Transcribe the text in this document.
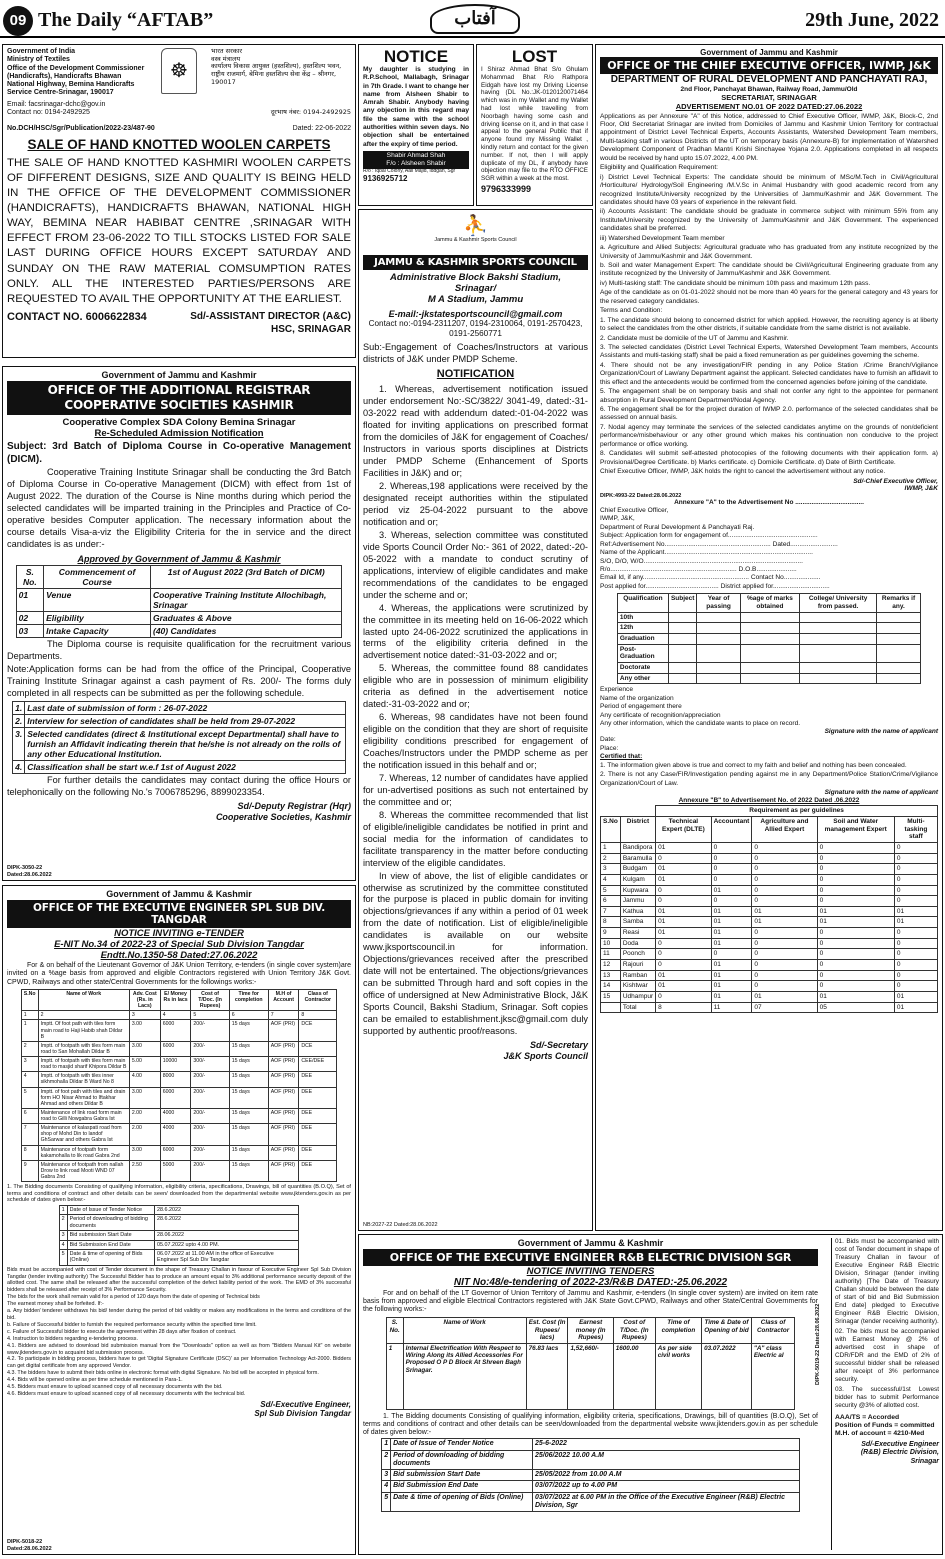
09 The Daily “AFTAB”	آفتاب	29th June, 2022
Government of India
Ministry of Textiles
Office of the Development Commissioner (Handicrafts), Handicrafts Bhawan National Highway, Bemina Handicrafts Service Centre-Srinagar, 190017
☸
भारत सरकार
वस्त्र मंत्रालय
कार्यालय विकास आयुक्त (हस्तशिल्प), हस्तशिल्प भवन, राष्ट्रीय राजमार्ग, बेमिना हस्तशिल्प सेवा केंद्र – श्रीनगर, 190017
Email: facsrinagar-dchc@gov.in
Contact no: 0194-2492925	दूरभाष नंबर: 0194-2492925
No.DCH/HSC/Sgr/Publication/2022-23/487-90	Dated: 22-06-2022
SALE OF HAND KNOTTED WOOLEN CARPETS

THE SALE OF HAND KNOTTED KASHMIRI WOOLEN CARPETS OF DIFFERENT DESIGNS, SIZE AND QUALITY IS BEING HELD IN THE OFFICE OF THE DEVELOPMENT COMMISSIONER (HANDICRAFTS), HANDICRAFTS BHAWAN, NATIONAL HIGH WAY, BEMINA NEAR HABIBAT CENTRE ,SRINAGAR WITH EFFECT FROM 23-06-2022 TO TILL STOCKS LISTED FOR SALE LAST DURING OFFICE HOURS EXCEPT SATURDAY AND SUNDAY ON THE RAW MATERIAL COMSUMPTION RATES ONLY. ALL THE INTERESTED PARTIES/PERSONS ARE REQUESTED TO AVAIL THE OPPORTUNITY AT THE EARLIEST.

CONTACT NO. 6006622834	Sd/-ASSISTANT DIRECTOR (A&C)
HSC, SRINAGAR
NOTICE

My daughter is studying in R.P.School, Mallabagh, Srinagar in 7th Grade. I want to change her name from Alsheen Shabir to Amrah Shabir. Anybody having any objection in this regard may file the same with the school authorities within seven days. No objection shall be entertained after the expiry of time period.

Shabir Ahmad Shah
F/o : Alsheen Shabir
R/o : Iqbal Colony, Aali Majid, Iddgah, Sgr
9136925712
LOST

I Shiraz Ahmad Bhat S/o Ghulam Mohammad Bhat R/o Rathpora Eidgah have lost my Driving License having (DL No.:JK-0120120071464 which was in my Wallet and my Wallet had lost while travelling from Noorbagh having some cash and driving license on it, and in that case I appeal to the general Public that if anyone found my Missing Wallet , kindly return and contact for the given number. If not, then I will apply duplicate of my DL, if anybody have objection may file to the RTO OFFICE SGR within a week at the most.

9796333999
⛹
Jammu & Kashmir Sports Council
JAMMU & KASHMIR SPORTS COUNCIL
Administrative Block Bakshi Stadium,
Srinagar/
M A Stadium, Jammu
E-mail:-jkstatesportscouncil@gmail.com
Contact no:-0194-2311207, 0194-2310064, 0191-2570423, 0191-2560771

Sub:-Engagement of Coaches/Instructors at various districts of J&K under PMDP Scheme.

NOTIFICATION

1. Whereas, advertisement notification issued under endorsement No:-SC/3822/ 3041-49, dated:-31-03-2022 read with addendum dated:-01-04-2022 was floated for inviting applications on prescribed format from the domiciles of J&K for engagement of Coaches/ Instructors in various sports disciplines at Districts under PMDP Scheme (Enhancement of Sports Facilities in J&K) and or;

2. Whereas,198 applications were received by the designated receipt authorities within the stipulated period viz 25-04-2022 pursuant to the above notification and or;

3. Whereas, selection committee was constituted vide Sports Council Order No:- 361 of 2022, dated:-20-05-2022 with a mandate to conduct scrutiny of applications, interview of eligible candidates and make recommendations of the candidates to be engaged under the scheme and or;

4. Whereas, the applications were scrutinized by the committee in its meeting held on 16-06-2022 which lasted upto 24-06-2022 scrutinized the applications in terms of the eligibility criteria defined in the advertisement notice dated:-31-03-2022 and or;

5. Whereas, the committee found 88 candidates eligible who are in possession of minimum eligibility criteria as defined in the advertisement notice dated:-31-03-2022 and or;

6. Whereas, 98 candidates have not been found eligible on the condition that they are short of requisite eligibility conditions prescribed for engagement of Coaches/Instructors under the PMDP scheme as per the notification issued in this behalf and or;

7. Whereas, 12 number of candidates have applied for un-advertised positions as such not entertained by the committee and or;

8. Whereas the committee recommended that list of eligible/ineligible candidates be notified in print and social media for the information of candidates to facilitate transparency in the matter before conducting interview of the eligible candidates.

In view of above, the list of eligible candidates or otherwise as scrutinized by the committee constituted for the purpose is placed in public domain for inviting objections/grievances if any within a period of 01 week from the date of notification. List of eligible/ineligible candidates is available on our website www.jksportscouncil.in for information. Objections/grievances received after the prescribed date will not be entertained. The objections/grievances can be submitted Through hard and soft copies in the office of undersigned at New Administrative Block, J&K Sports Council, Bakshi Stadium, Srinagar. Soft copies can be emailed to establishment.jksc@gmail.com duly supported by authentic proof/reasons.

Sd/-Secretary
J&K Sports Council
NB:2027-22 Dated:28.06.2022
Government of Jammu and Kashmir
OFFICE OF THE CHIEF EXECUTIVE OFFICER, IWMP, J&K
DEPARTMENT OF RURAL DEVELOPMENT AND PANCHAYATI RAJ,
2nd Floor, Panchayat Bhawan, Railway Road, Jammu/Old
SECRETARIAT, SRINAGAR
ADVERTISEMENT NO.01 OF 2022 DATED:27.06.2022

Applications as per Annexure "A" of this Notice, addressed to Chief Executive Officer, IWMP, J&K, Block-C, 2nd Floor, Old Secretariat Srinagar are invited from Domiciles of Jammu and Kashmir Union Territory for contractual appointment of District Level Technical Experts, Accounts Assistants, Watershed Development Team members, Multi-tasking staff in various Districts of the UT on temporary basis (Annexure-B) for implementation of Watershed Development Component of Pradhan Mantri Krishi Sinchayee Yojana 2.0. Applications completed in all respects would be received by hand upto 15.07.2022, 4.00 PM.

Eligibility and Qualification Requirement:

i) District Level Technical Experts: The candidate should be minimum of MSc/M.Tech in Civil/Agricultural /Horticulture/ Hydrology/Soil Engineering /M.V.Sc in Animal Husbandry with good academic record from any recognized Institute/University recognized by the Universities of Jammu/Kashmir and J&K Government. The candidates should have 03 years of experience in the relevant field.

ii) Accounts Assistant: The candidate should be graduate in commerce subject with minimum 55% from any Institute/University recognized by the University of Jammu/Kashmir and J&K Government. The experienced candidates shall be preferred.

iii) Watershed Development Team member

a. Agriculture and Allied Subjects: Agricultural graduate who has graduated from any institute recognized by the University of Jammu/Kashmir and J&K Government.

b. Soil and water Management Expert: The candidate should be Civil/Agricultural Engineering graduate from any institute recognized by the University of Jammu/Kashmir and J&K Government.

iv) Multi-tasking staff: The candidate should be minimum 10th pass and maximum 12th pass.

Age of the candidate as on 01-01-2022 should not be more than 40 years for the general category and 43 years for the reserved category candidates.

Terms and Condition:

1. The candidate should belong to concerned district for which applied. However, the recruiting agency is at liberty to select the candidates from the other districts, if suitable candidate from the same district is not available.

2. Candidate must be domicile of the UT of Jammu and Kashmir.

3. The selected candidates (District Level Technical Experts, Watershed Development Team members, Accounts Assistants and multi-tasking staff) shall be paid a fixed remuneration as per guidelines governing the scheme.

4. There should not be any investigation/FIR pending in any Police Station /Crime Branch/Vigilance Organization/Court of Law/any Department against the applicant. Selected candidates have to furnish an affidavit to this effect and the antecedents would be confirmed from the concerned agencies before joining of the candidate.

5. The engagement shall be on temporary basis and shall not confer any right to the appointee for permanent absorption in Rural Development Department/Nodal Agency.

6. The engagement shall be for the project duration of IWMP 2.0. performance of the selected candidates shall be assessed on annual basis.

7. Nodal agency may terminate the services of the selected candidates anytime on the grounds of non/deficient performance/misbehaviour or any other ground which makes his continuation non conducive to the project performance or office working.

8. Candidates will submit self-attested photocopies of the following documents with their application form. a) Provisional/Degree Certificate. b) Marks certificate. c) Domicile Certificate. d) Date of Birth Certificate.

Chief Executive Officer, IWMP, J&K holds the right to cancel the advertisement without any notice.

Sd/-Chief Executive Officer,
IWMP, J&K
DIPK:4993-22 Dated:28.06.2022
Annexure "A" to the Advertisement No ......................................

Chief Executive Officer,

IWMP, J&K,

Department of Rural Development & Panchayati Raj.

Subject: Application form for engagement of.................................................

Ref:Advertisement No.......................................................... Dated..........................

Name of the Applicant.................................................................................

S/O, D/O, W/O.......................................................................................

R/o..................................................................... D.O.B......................

Email Id, if any.......................................................... Contact No....................

Post applied for........................................ District applied for...............................

Qualification	Subject	Year of passing	%age of marks obtained	College/ University from passed.	Remarks if any.
10th					
12th					
Graduation					
Post-Graduation					
Doctorate					
Any other					

Experience

Name of the organization

Period of engagement there

Any certificate of recognition/appreciation

Any other information, which the candidate wants to place on record.

Signature with the name of applicant

Date:

Place:

Certified that:

1. The information given above is true and correct to my faith and belief and nothing has been concealed.

2. There is not any Case/FIR/Investigation pending against me in any Department/Police Station/Crime/Vigilance Organization/Court of Law.

Signature with the name of applicant
Annexure "B" to Advertisement No. of 2022 Dated .06.2022
		Requirement as per guidelines				
S.No	District	Technical Expert (DLTE)	Accountant	Agriculture and Allied Expert	Soil and Water management Expert	Multi-tasking staff
1	Bandipora	01	0	0	0	0
2	Baramulla	0	0	0	0	0
3	Budgam	01	0	0	0	0
4	Kulgam	01	0	0	0	0
5	Kupwara	0	01	0	0	0
6	Jammu	0	0	0	0	0
7	Kathua	01	01	01	01	01
8	Samba	01	01	01	01	01
9	Reasi	01	01	0	0	0
10	Doda	0	01	0	0	0
11	Poonch	0	0	0	0	0
12	Rajouri	0	01	0	0	0
13	Ramban	01	01	0	0	0
14	Kishtwar	01	01	0	0	0
15	Udhampur	0	01	01	01	01
	Total	8	11	07	05	01
Government of Jammu and Kashmir
OFFICE OF THE ADDITIONAL REGISTRAR COOPERATIVE SOCIETIES KASHMIR
Cooperative Complex SDA Colony Bemina Srinagar
Re-Scheduled Admission Notification

Subject: 3rd Batch of Diploma Course in Co-operative Management (DICM).

Cooperative Training Institute Srinagar shall be conducting the 3rd Batch of Diploma Course in Co-operative Management (DICM) with effect from 1st of August 2022. The duration of the Course is Nine months during which period the selected candidates will be imparted training in the Principles and Practice of Co-operative besides Computer application. The necessary information about the course details Visa-a-viz the Eligibility Criteria for the in service and the direct candidates is as under:-

Approved by Government of Jammu & Kashmir
S. No.	Commencement of Course	1st of August 2022 (3rd Batch of DICM)
01	Venue	Cooperative Training Institute Allochibagh, Srinagar
02	Eligibility	Graduates & Above
03	Intake Capacity	(40) Candidates

The Diploma course is requisite qualification for the recruitment various Departments.

Note:Application forms can be had from the office of the Principal, Cooperative Training Institute Srinagar against a cash payment of Rs. 200/- The forms duly completed in all respects can be submitted as per the following schedule.

1.	Last date of submission of form : 26-07-2022
2.	Interview for selection of candidates shall be held from 29-07-2022
3.	Selected candidates (direct & Institutional except Departmental) shall have to furnish an Affidavit indicating therein that he/she is not already on the rolls of any other Educational Institution.
4.	Classification shall be start w.e.f 1st of August 2022

For further details the candidates may contact during the office Hours or telephonically on the following No.'s 7006785296, 8899023354.

Sd/-Deputy Registrar (Hqr)
Cooperative Societies, Kashmir
DIPK-3050-22
Dated:28.06.2022
Government of Jammu & Kashmir
OFFICE OF THE EXECUTIVE ENGINEER SPL SUB DIV. TANGDAR
NOTICE INVITING e-TENDER
E-NIT No.34 of 2022-23 of Special Sub Division Tangdar
Endtt.No.1350-58 Dated:27.06.2022

For & on behalf of the Lieutenant Governor of J&K Union Territory, e-tenders (in single cover system)are invited on a %age basis from approved and eligible Contractors registered with Union Territory J&K Govt. CPWD, Railways and other state/Central Governments for the followings works:-

S.No	Name of Work	Adv. Cost (Rs. in Lacs)	E/ Money Rs in lacs	Cost of T/Doc. (In Rupees)	Time for completion	M.H of Account	Class of Contractor
1	2	3	4	5	6	7	8
1	Imptt. Of foot path with tiles form main road to Haji Habib shah Dildar B	3.00	6000	200/-	15 days	AOF (PRI)	DCE
2	Imptt. of footpath with tiles form main road to San Mohallah Dildar B	3.00	6000	200/-	15 days	AOF (PRI)	DCE
3	Imptt. of footpath with tiles form main road to masjid sharif Khipora Dildar B	5.00	10000	300/-	15 days	AOF (PRI)	CEE/DEE
4	Imptt. of footpath with tiles inner sikhmohalla Dildar B Ward No 8	4.00	8000	200/-	15 days	AOF (PRI)	DEE
5	Imptt. of foot path with tiles and drain form HO Nisar Ahmad to Iftakhar Ahmad and others Dildar B	3.00	6000	200/-	15 days	AOF (PRI)	DEE
6	Maintenance of link road form main road to Gilli Nowgabra Gabra Ist	2.00	4000	200/-	15 days	AOF (PRI)	DEE
7	Maintenance of kalaspati road from shop of Mohd Din to landof GhSarwar and others Gabra Ist	2.00	4000	200/-	15 days	AOF (PRI)	DEE
8	Maintenance of footpath form kakamohalla to lik road Gabra 2nd	3.00	6000	200/-	15 days	AOF (PRI)	DEE
9	Maintenance of footpath from nallah Drow to link road Mooti WND 07 Gabra 2nd	2.50	5000	200/-	15 days	AOF (PRI)	DEE

1. The Bidding documents Consisting of qualifying information, eligibility criteria, specifications, Drawings, bill of quantities (B.O.Q), Set of terms and conditions of contract and other details can be seen/ downloaded from the departmental website www.jktenders.gov.in as per schedule of dates given below:-

1	Date of Issue of Tender Notice	28.6.2022
2	Period of downloading of bidding documents	28.6.2022
3	Bid submission Start Date	28.06.2022
4	Bid Submission End Date	05.07.2022 upto 4.00 PM.
5	Date & time of opening of Bids (Online)	06.07.2022 at 11.00 AM in the office of Executive Engineer Spl Sub Div Tangdar

Bids must be accompanied with cost of Tender document in the shape of Treasury Challan in favour of Executive Engineer Spl Sub Division Tangdar (tender inviting authority) The Successful Bidder has to produce an amount equal to 3% additional performance security deposit of the allotted cost. The same shall be released after the successful completion of the defect liability period of the work. The EMD of 3% successful bidders shall be released after receipt of 3% Performance Security.

The bids for the work shall remain valid for a period of 120 days from the date of opening of Technical bids

The earnest money shall be forfeited. If:-

a. Any bidder/ tenderer withdraws his bid/ tender during the period of bid validity or makes any modifications in the terms and conditions of the bid.

b. Failure of Successful bidder to furnish the required performance security within the specified time limit.

c. Failure of Successful bidder to execute the agreement within 28 days after fixation of contract.

4. Instruction to bidders regarding e-tendering process.

4.1. Bidders are advised to download bid submission manual from the "Downloads" option as well as from "Bidders Manual Kit" on website www.jktenders.gov.in to acquaint bid submission process.

4.2. To participate in bidding process, bidders have to get 'Digital Signature Certificate (DSC)' as per Information Technology Act-2000. Bidders can get digital certificate from any approved Vendor.

4.3. The bidders have to submit their bids online in electronic format with digital Signature. No bid will be accepted in physical form.

4.4. Bids will be opened online as per time schedule mentioned in Para-1.

4.5. Bidders must ensure to upload scanned copy of all necessary documents with the bid.

4.6. Bidders must ensure to upload scanned copy of all necessary documents with the technical bid.

Sd/-Executive Engineer,
Spl Sub Division Tangdar
DIPK-5018-22
Dated:28.06.2022
Government of Jammu & Kashmir
OFFICE OF THE EXECUTIVE ENGINEER R&B ELECTRIC DIVISION SGR
NOTICE INVITING TENDERS
NIT No:48/e-tendering of 2022-23/R&B DATED:-25.06.2022

For and on behalf of the LT Governor of Union Territory of Jammu and Kashmir, e-tenders (In single cover system) are invited on item rate basis from approved and eligible Electrical Contractors registered with J&K State Govt.CPWD, Railways and other State/Central Governments for the following works:-

S. No.	Name of Work	Est. Cost (In Rupees/ lacs)	Earnest money (In Rupees)	Cost of T/Doc. (In Rupees)	Time of completion	Time & Date of Opening of bid	Class of Contractor
1	Internal Electrification With Respect to Wiring Along its Allied Accessories For Proposed O P D Block At Shreen Bagh Srinagar.	76.83 lacs	1,52,660/-	1600.00	As per side civil works	03.07.2022	"A" class Electric al

1. The Bidding documents Consisting of qualifying information, eligibility criteria, specifications, Drawings, bill of quantities (B.O.Q), Set of terms and conditions of contract and other details can be seen/downloaded from the departmental website www.jktenders.gov.in as per schedule of dates given below:-

1	Date of Issue of Tender Notice	25-6-2022
2	Period of downloading of bidding documents	25/06/2022 10.00 A.M
3	Bid submission Start Date	25/05/2022 from 10.00 A.M
4	Bid Submission End Date	03/07/2022 up to 4.00 PM
5	Date & time of opening of Bids (Online)	03/07/2022 at 6.00 PM in the Office of the Executive Engineer (R&B) Electric Division, Sgr
DIPK-5019-22 Dated:28.06.2022

01. Bids must be accompanied with cost of Tender document in shape of Treasury Challan in favour of Executive Engineer R&B Electric Division, Srinagar (tender inviting authority) [The Date of Treasury Challan should be between the date of start of bid and Bid Submission End date] pledged to Executive Engineer R&B Electric Division, Srinagar (tender receiving authority).

02. The bids must be accompanied with Earnest Money @ 2% of advertised cost in shape of CDR/FDR and the EMD of 2% of successful bidder shall be released after receipt of 3% performance security.

03. The successful/1st Lowest bidder has to submit Performance security @3% of allotted cost.

AAA/TS = Accorded

Position of Funds = committed

M.H. of account = 4210-Med

Sd/-Executive Engineer
(R&B) Electric Division, Srinagar
